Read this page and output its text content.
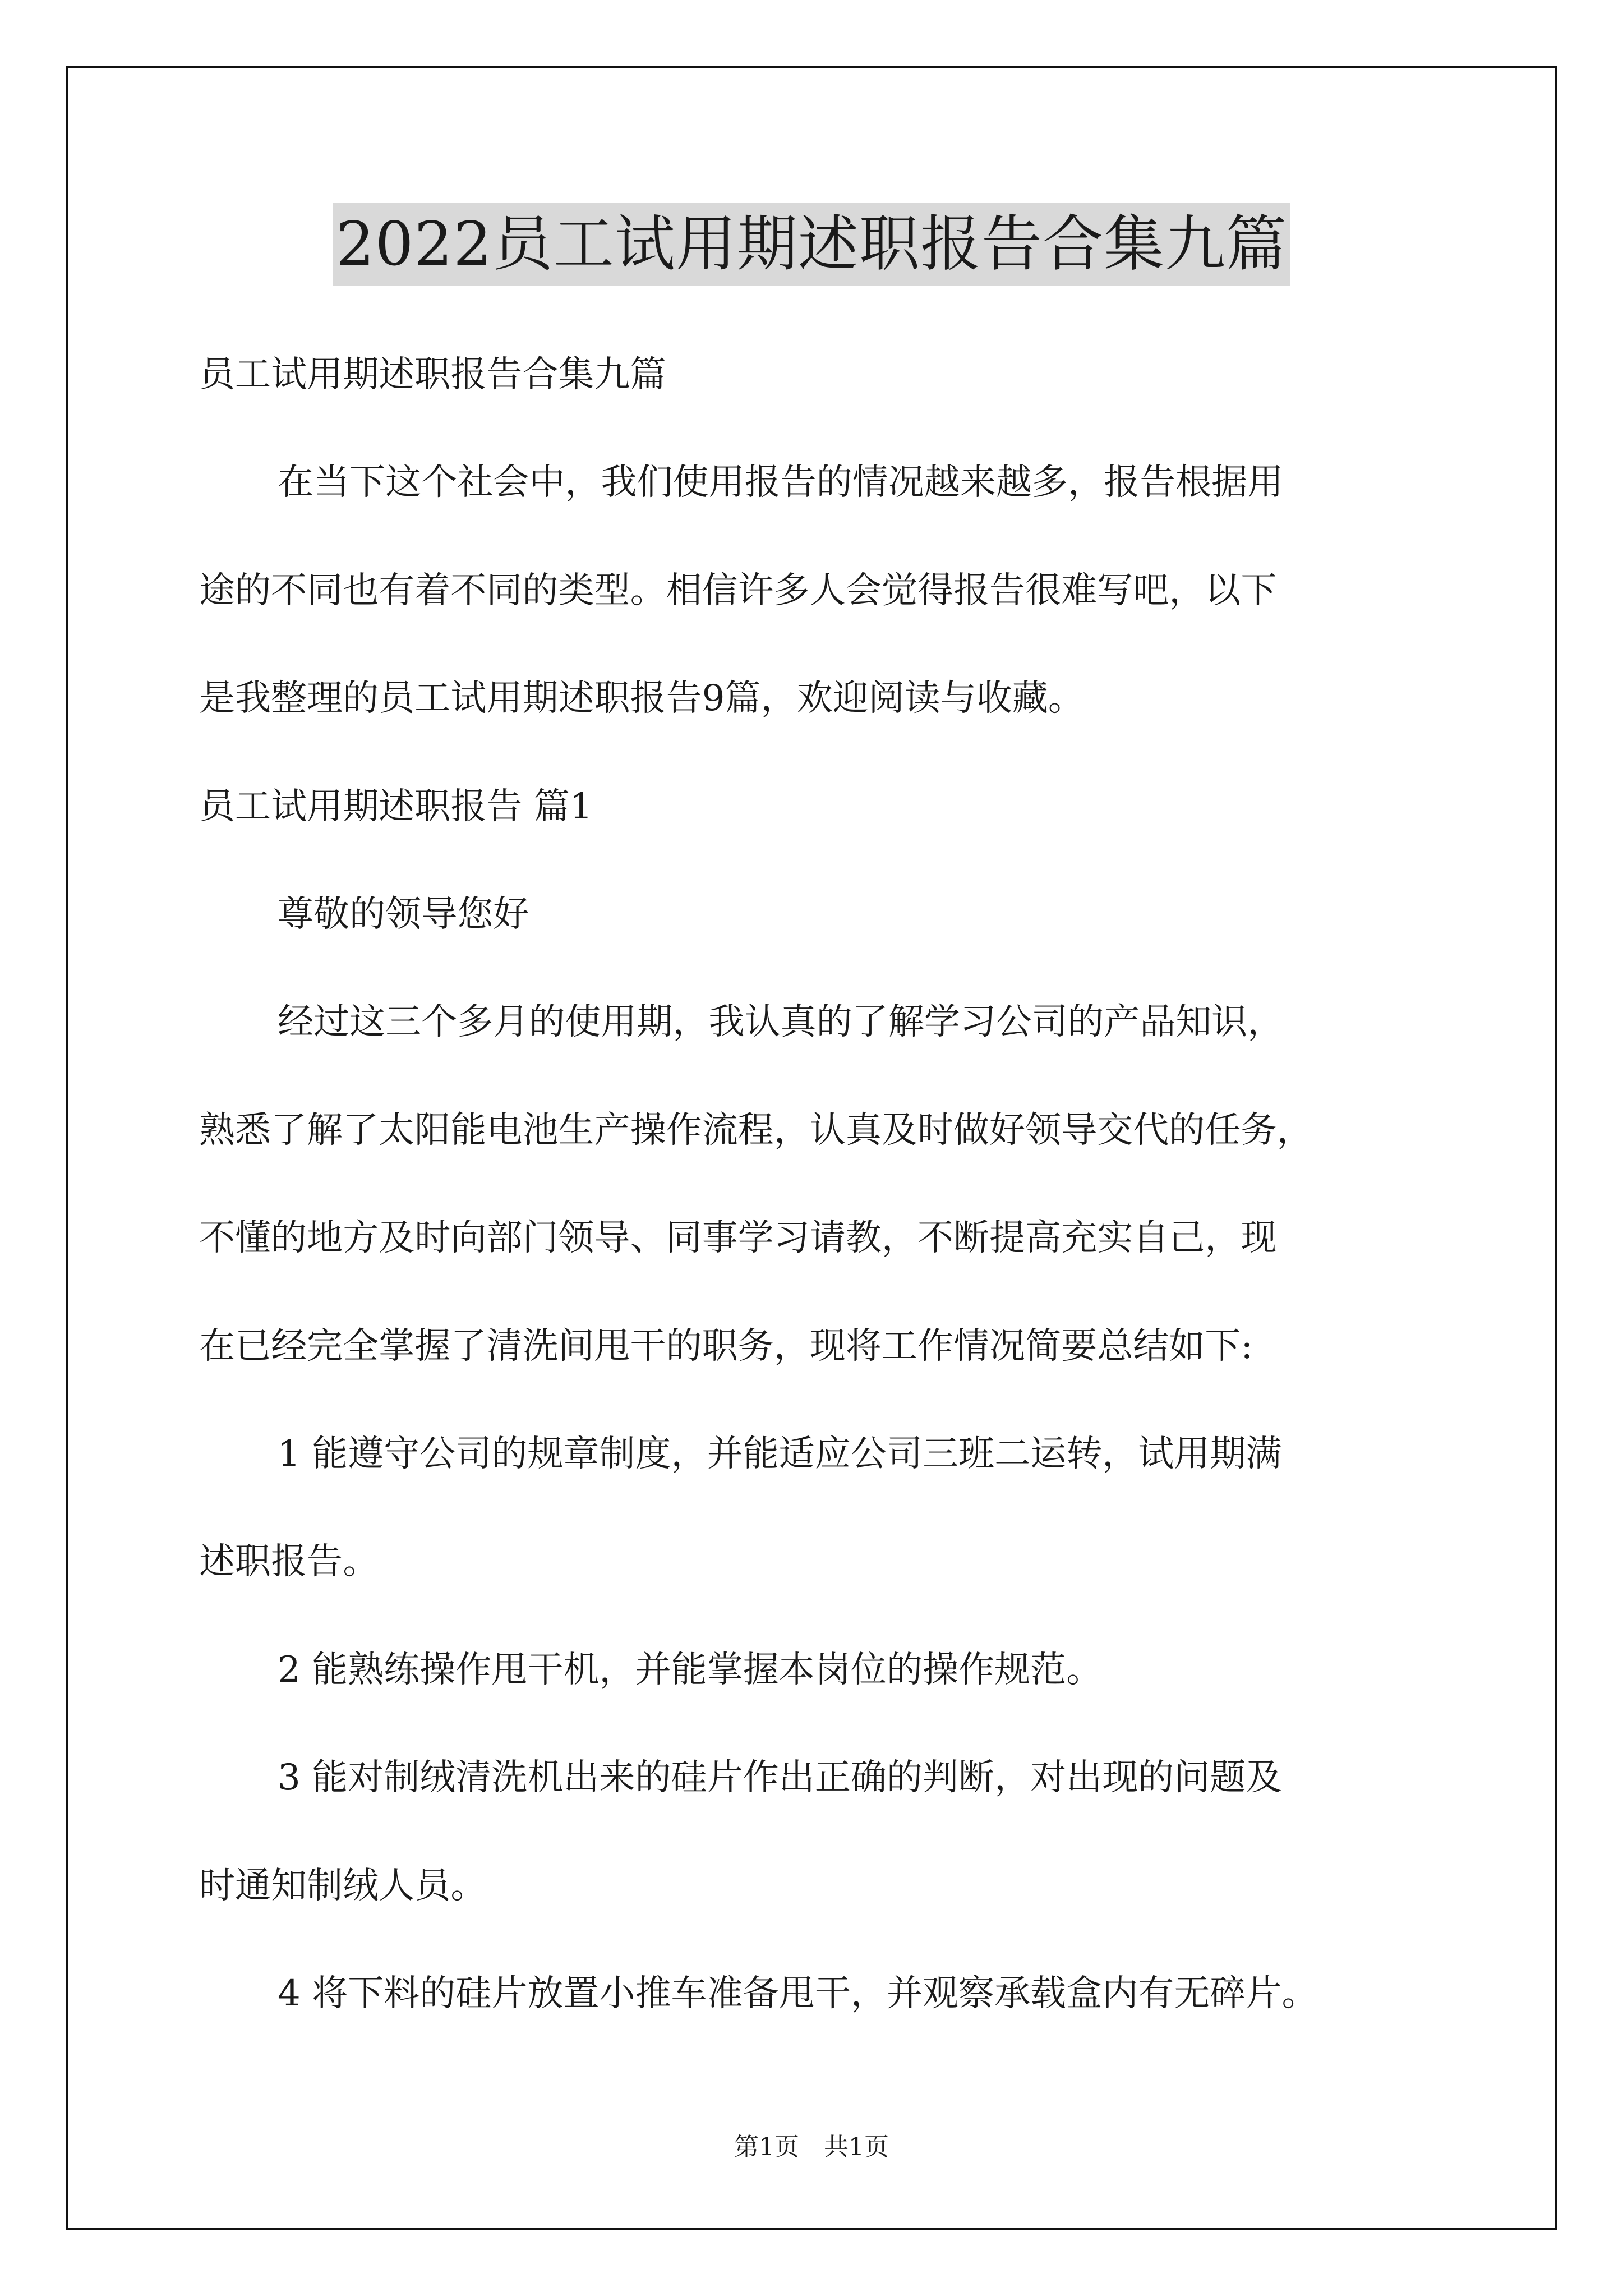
2022员工试用期述职报告合集九篇
员工试用期述职报告合集九篇
在当下这个社会中，我们使用报告的情况越来越多，报告根据用
途的不同也有着不同的类型。相信许多人会觉得报告很难写吧，以下
是我整理的员工试用期述职报告9篇，欢迎阅读与收藏。
员工试用期述职报告 篇1
尊敬的领导您好
经过这三个多月的使用期，我认真的了解学习公司的产品知识，
熟悉了解了太阳能电池生产操作流程，认真及时做好领导交代的任务，
不懂的地方及时向部门领导、同事学习请教，不断提高充实自己，现
在已经完全掌握了清洗间甩干的职务，现将工作情况简要总结如下:
1 能遵守公司的规章制度，并能适应公司三班二运转，试用期满
述职报告。
2 能熟练操作甩干机，并能掌握本岗位的操作规范。
3 能对制绒清洗机出来的硅片作出正确的判断，对出现的问题及
时通知制绒人员。
4 将下料的硅片放置小推车准备甩干，并观察承载盒内有无碎片。
第1页　共1页
